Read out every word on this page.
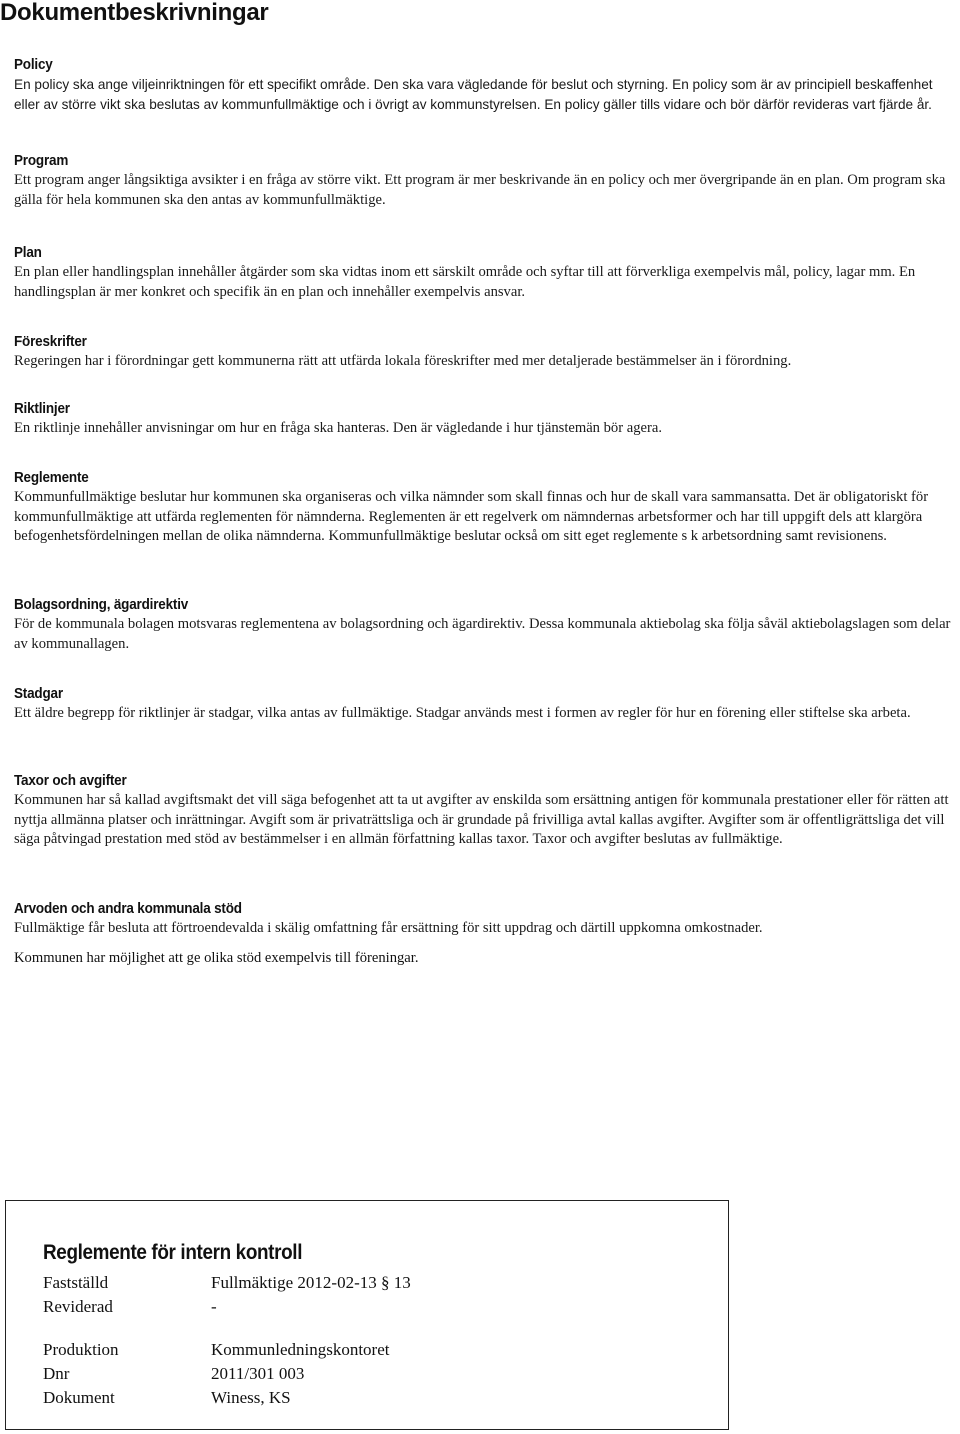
Dokumentbeskrivningar
Policy

En policy ska ange viljeinriktningen för ett specifikt område. Den ska vara vägledande för beslut och styrning. En policy som är av principiell beskaffenhet eller av större vikt ska beslutas av kommunfullmäktige och i övrigt av kommunstyrelsen. En policy gäller tills vidare och bör därför revideras vart fjärde år.

Program

Ett program anger långsiktiga avsikter i en fråga av större vikt. Ett program är mer beskrivande än en policy och mer övergripande än en plan. Om program ska gälla för hela kommunen ska den antas av kommunfullmäktige.

Plan

En plan eller handlingsplan innehåller åtgärder som ska vidtas inom ett särskilt område och syftar till att förverkliga exempelvis mål, policy, lagar mm. En handlingsplan är mer konkret och specifik än en plan och innehåller exempelvis ansvar.

Föreskrifter

Regeringen har i förordningar gett kommunerna rätt att utfärda lokala föreskrifter med mer detaljerade bestämmelser än i förordning.

Riktlinjer

En riktlinje innehåller anvisningar om hur en fråga ska hanteras. Den är vägledande i hur tjänstemän bör agera.

Reglemente

Kommunfullmäktige beslutar hur kommunen ska organiseras och vilka nämnder som skall finnas och hur de skall vara sammansatta. Det är obligatoriskt för kommunfullmäktige att utfärda reglementen för nämnderna. Reglementen är ett regelverk om nämndernas arbetsformer och har till uppgift dels att klargöra befogenhetsfördelningen mellan de olika nämnderna. Kommunfullmäktige beslutar också om sitt eget reglemente s k arbetsordning samt revisionens.

Bolagsordning, ägardirektiv

För de kommunala bolagen motsvaras reglementena av bolagsordning och ägardirektiv. Dessa kommunala aktiebolag ska följa såväl aktiebolagslagen som delar av kommunallagen.

Stadgar

Ett äldre begrepp för riktlinjer är stadgar, vilka antas av fullmäktige. Stadgar används mest i formen av regler för hur en förening eller stiftelse ska arbeta.

Taxor och avgifter

Kommunen har så kallad avgiftsmakt det vill säga befogenhet att ta ut avgifter av enskilda som ersättning antigen för kommunala prestationer eller för rätten att nyttja allmänna platser och inrättningar. Avgift som är privaträttsliga och är grundade på frivilliga avtal kallas avgifter. Avgifter som är offentligrättsliga det vill säga påtvingad prestation med stöd av bestämmelser i en allmän författning kallas taxor. Taxor och avgifter beslutas av fullmäktige.

Arvoden och andra kommunala stöd

Fullmäktige får besluta att förtroendevalda i skälig omfattning får ersättning för sitt uppdrag och därtill uppkomna omkostnader.

Kommunen har möjlighet att ge olika stöd exempelvis till föreningar.

Reglemente för intern kontroll
Fastställd	Fullmäktige 2012-02-13 § 13
Reviderad	-
Produktion	Kommunledningskontoret
Dnr	2011/301 003
Dokument	Winess, KS
